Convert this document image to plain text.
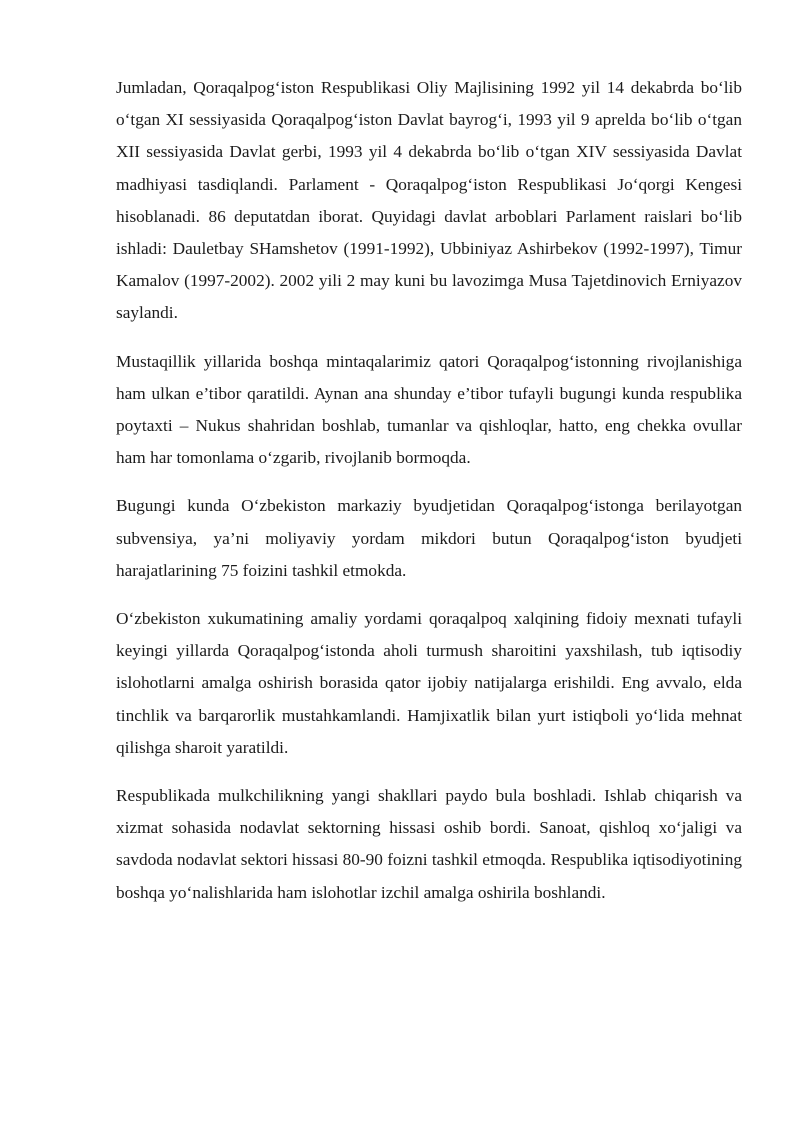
Jumladan, Qoraqalpog‘iston Respublikasi Oliy Majlisining 1992 yil 14 dekabrda bo‘lib o‘tgan XI sessiyasida Qoraqalpog‘iston Davlat bayrog‘i, 1993 yil 9 aprelda bo‘lib o‘tgan XII sessiyasida Davlat gerbi, 1993 yil 4 dekabrda bo‘lib o‘tgan XIV sessiyasida Davlat madhiyasi tasdiqlandi. Parlament - Qoraqalpog‘iston Respublikasi Jo‘qorgi Kengesi hisoblanadi. 86 deputatdan iborat. Quyidagi davlat arboblari Parlament raislari bo‘lib ishladi: Dauletbay SHamshetov (1991-1992), Ubbiniyaz Ashirbekov (1992-1997), Timur Kamalov (1997-2002). 2002 yili 2 may kuni bu lavozimga Musa Tajetdinovich Erniyazov saylandi.

Mustaqillik yillarida boshqa mintaqalarimiz qatori Qoraqalpog‘istonning rivojlanishiga ham ulkan e’tibor qaratildi. Aynan ana shunday e’tibor tufayli bugungi kunda respublika poytaxti – Nukus shahridan boshlab, tumanlar va qishloqlar, hatto, eng chekka ovullar ham har tomonlama o‘zgarib, rivojlanib bormoqda.

Bugungi kunda O‘zbekiston markaziy byudjetidan Qoraqalpog‘istonga berilayotgan subvensiya, ya’ni moliyaviy yordam mikdori butun Qoraqalpog‘iston byudjeti harajatlarining 75 foizini tashkil etmokda.

O‘zbekiston xukumatining amaliy yordami qoraqalpoq xalqining fidoiy mexnati tufayli keyingi yillarda Qoraqalpog‘istonda aholi turmush sharoitini yaxshilash, tub iqtisodiy islohotlarni amalga oshirish borasida qator ijobiy natijalarga erishildi. Eng avvalo, elda tinchlik va barqarorlik mustahkamlandi. Hamjixatlik bilan yurt istiqboli yo‘lida mehnat qilishga sharoit yaratildi.

Respublikada mulkchilikning yangi shakllari paydo bula boshladi. Ishlab chiqarish va xizmat sohasida nodavlat sektorning hissasi oshib bordi. Sanoat, qishloq xo‘jaligi va savdoda nodavlat sektori hissasi 80-90 foizni tashkil etmoqda. Respublika iqtisodiyotining boshqa yo‘nalishlarida ham islohotlar izchil amalga oshirila boshlandi.
